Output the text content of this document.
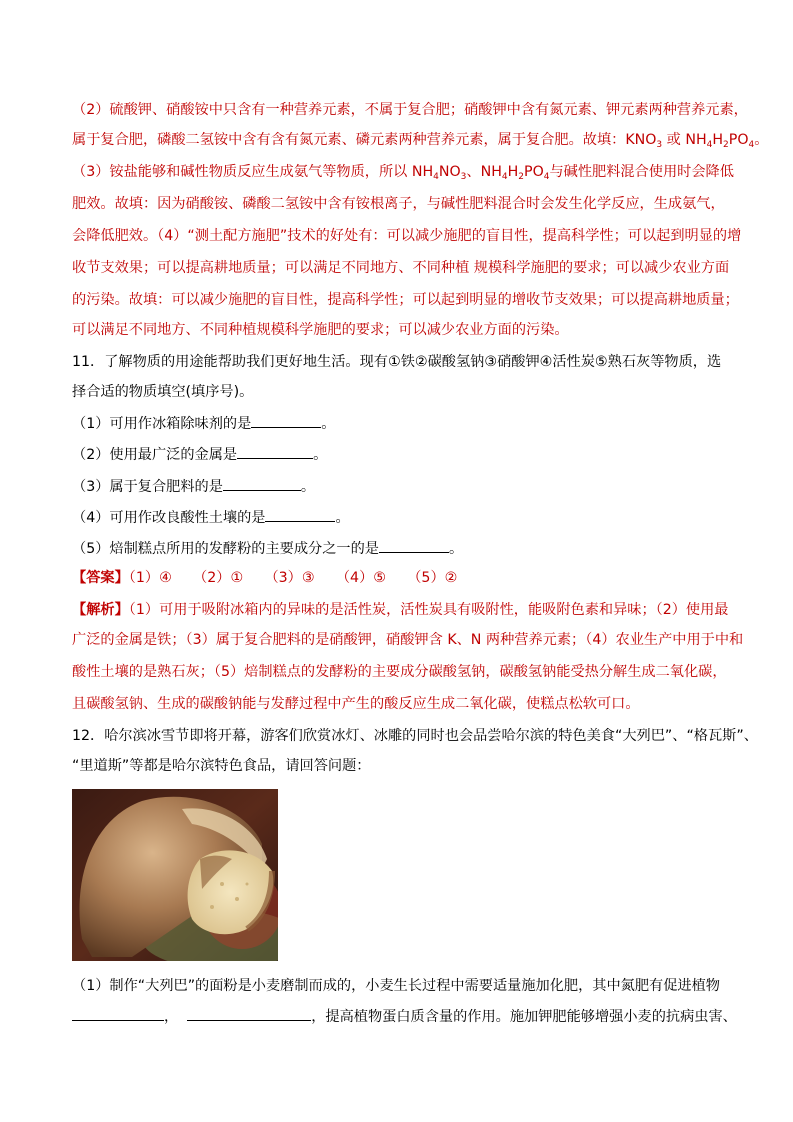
（2）硫酸钾、硝酸铵中只含有一种营养元素，不属于复合肥；硝酸钾中含有氮元素、钾元素两种营养元素，
属于复合肥，磷酸二氢铵中含有含有氮元素、磷元素两种营养元素，属于复合肥。故填：$KNO_3$ 或 $NH_4H_2PO_4$。
（3）铵盐能够和碱性物质反应生成氨气等物质，所以 $NH_4NO_3$、$NH_4H_2PO_4$与碱性肥料混合使用时会降低
肥效。故填：因为硝酸铵、磷酸二氢铵中含有铵根离子，与碱性肥料混合时会发生化学反应，生成氨气，
会降低肥效。（4）“测土配方施肥”技术的好处有：可以减少施肥的盲目性，提高科学性；可以起到明显的增
收节支效果；可以提高耕地质量；可以满足不同地方、不同种植 规模科学施肥的要求；可以减少农业方面
的污染。故填：可以减少施肥的盲目性，提高科学性；可以起到明显的增收节支效果；可以提高耕地质量；
可以满足不同地方、不同种植规模科学施肥的要求；可以减少农业方面的污染。
11．了解物质的用途能帮助我们更好地生活。现有①铁②碳酸氢钠③硝酸钾④活性炭⑤熟石灰等物质，选
择合适的物质填空(填序号)。
（1）可用作冰箱除味剂的是	。
（2）使用最广泛的金属是	。
（3）属于复合肥料的是	。
（4）可用作改良酸性土壤的是	。
（5）焙制糕点所用的发酵粉的主要成分之一的是	。
【答案】（1）④　　（2）①　　（3）③　　（4）⑤　　（5）②
【解析】（1）可用于吸附冰箱内的异味的是活性炭，活性炭具有吸附性，能吸附色素和异味；（2）使用最
广泛的金属是铁；（3）属于复合肥料的是硝酸钾，硝酸钾含 K、N 两种营养元素；（4）农业生产中用于中和
酸性土壤的是熟石灰；（5）焙制糕点的发酵粉的主要成分碳酸氢钠，碳酸氢钠能受热分解生成二氧化碳，
且碳酸氢钠、生成的碳酸钠能与发酵过程中产生的酸反应生成二氧化碳，使糕点松软可口。
12．哈尔滨冰雪节即将开幕，游客们欣赏冰灯、冰雕的同时也会品尝哈尔滨的特色美食“大列巴”、“格瓦斯”、
“里道斯”等都是哈尔滨特色食品，请回答问题：
（1）制作“大列巴”的面粉是小麦磨制而成的，小麦生长过程中需要适量施加化肥，其中氮肥有促进植物
，	，提高植物蛋白质含量的作用。施加钾肥能够增强小麦的抗病虫害、
